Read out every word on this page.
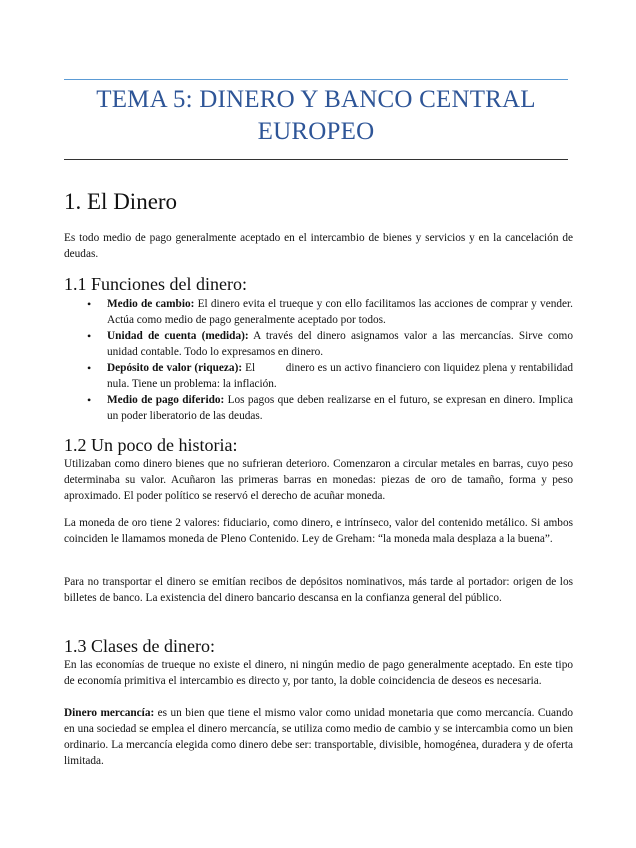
TEMA 5: DINERO Y BANCO CENTRAL EUROPEO
1. El Dinero

Es todo medio de pago generalmente aceptado en el intercambio de bienes y servicios y en la cancelación de deudas.

1.1 Funciones del dinero:
• Medio de cambio: El dinero evita el trueque y con ello facilitamos las acciones de comprar y vender. Actúa como medio de pago generalmente aceptado por todos.
• Unidad de cuenta (medida): A través del dinero asignamos valor a las mercancías. Sirve como unidad contable. Todo lo expresamos en dinero.
• Depósito de valor (riqueza): El          dinero es un activo financiero con liquidez plena y rentabilidad nula. Tiene un problema: la inflación.
• Medio de pago diferido: Los pagos que deben realizarse en el futuro, se expresan en dinero. Implica un poder liberatorio de las deudas.
1.2 Un poco de historia:

Utilizaban como dinero bienes que no sufrieran deterioro. Comenzaron a circular metales en barras, cuyo peso determinaba su valor. Acuñaron las primeras barras en monedas: piezas de oro de tamaño, forma y peso aproximado. El poder político se reservó el derecho de acuñar moneda.

La moneda de oro tiene 2 valores: fiduciario, como dinero, e intrínseco, valor del contenido metálico. Si ambos coinciden le llamamos moneda de Pleno Contenido. Ley de Greham: “la moneda mala desplaza a la buena”.

Para no transportar el dinero se emitían recibos de depósitos nominativos, más tarde al portador: origen de los billetes de banco. La existencia del dinero bancario descansa en la confianza general del público.

1.3 Clases de dinero:

En las economías de trueque no existe el dinero, ni ningún medio de pago generalmente aceptado. En este tipo de economía primitiva el intercambio es directo y, por tanto, la doble coincidencia de deseos es necesaria.

Dinero mercancía: es un bien que tiene el mismo valor como unidad monetaria que como mercancía. Cuando en una sociedad se emplea el dinero mercancía, se utiliza como medio de cambio y se intercambia como un bien ordinario. La mercancía elegida como dinero debe ser: transportable, divisible, homogénea, duradera y de oferta limitada.
